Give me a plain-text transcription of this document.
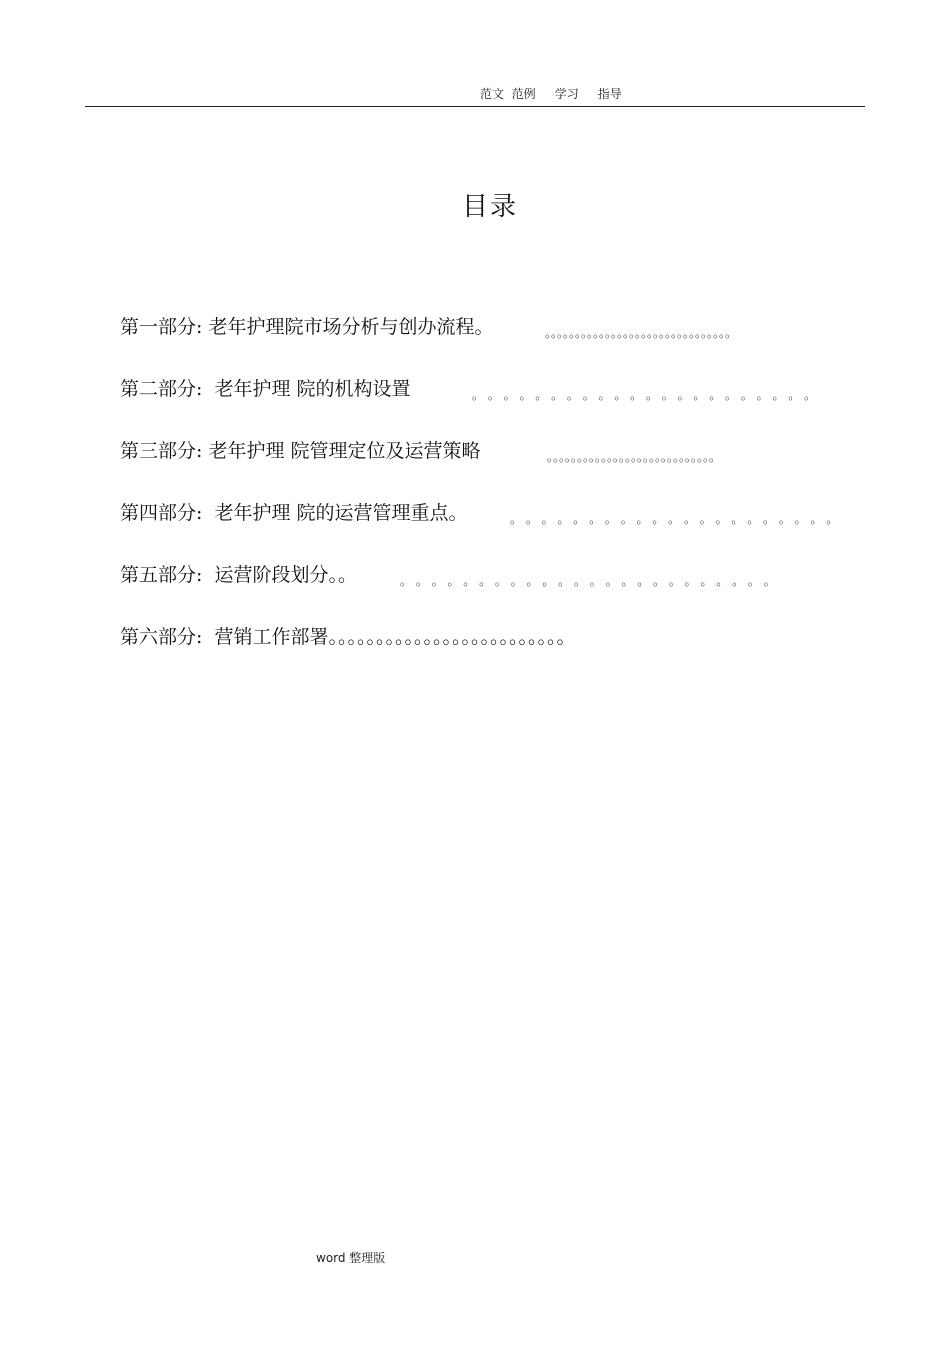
范文  范例     学习     指导
目录
第一部分: 老年护理院市场分析与创办流程。	。。。。。。。。。。。。。。。。。。。。。。。。。。。。。。。
第二部分:  老年护理 院的机构设置	。 。 。 。 。 。 。 。 。 。 。 。 。 。 。 。 。 。 。 。 。 。
第三部分: 老年护理 院管理定位及运营策略	。。。。。。。。。。。。。。。。。。。。。。。。。。。。
第四部分:  老年护理 院的运营管理重点。	。 。 。 。 。 。 。 。 。 。 。 。 。 。 。 。 。 。 。 。 。
第五部分:  运营阶段划分。。	。 。 。 。 。 。 。 。 。 。 。 。 。 。 。 。 。 。 。 。 。 。 。 。
第六部分:  营销工作部署。。。。。。。。。。。。。。。。。。。。。。。。。
word 整理版
